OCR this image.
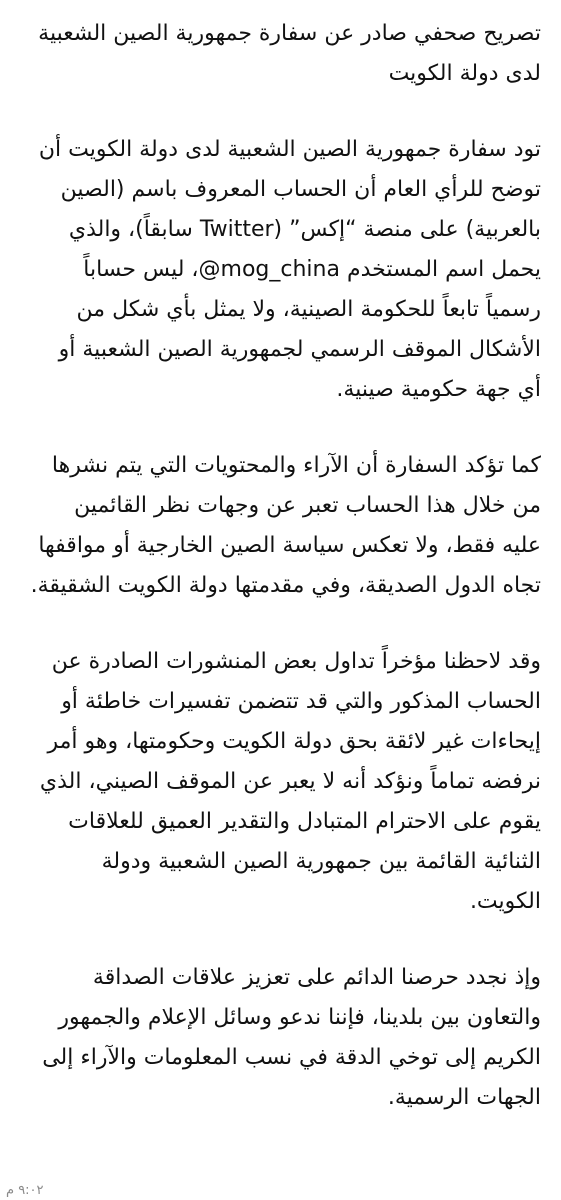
تصريح صحفي صادر عن سفارة جمهورية الصين الشعبية لدى دولة الكويت

تود سفارة جمهورية الصين الشعبية لدى دولة الكويت أن توضح للرأي العام أن الحساب المعروف باسم (الصين بالعربية) على منصة “إكس” (Twitter سابقاً)، والذي يحمل اسم المستخدم mog_china@، ليس حساباً رسمياً تابعاً للحكومة الصينية، ولا يمثل بأي شكل من الأشكال الموقف الرسمي لجمهورية الصين الشعبية أو أي جهة حكومية صينية.

كما تؤكد السفارة أن الآراء والمحتويات التي يتم نشرها من خلال هذا الحساب تعبر عن وجهات نظر القائمين عليه فقط، ولا تعكس سياسة الصين الخارجية أو مواقفها تجاه الدول الصديقة، وفي مقدمتها دولة الكويت الشقيقة.

وقد لاحظنا مؤخراً تداول بعض المنشورات الصادرة عن الحساب المذكور والتي قد تتضمن تفسيرات خاطئة أو إيحاءات غير لائقة بحق دولة الكويت وحكومتها، وهو أمر نرفضه تماماً ونؤكد أنه لا يعبر عن الموقف الصيني، الذي يقوم على الاحترام المتبادل والتقدير العميق للعلاقات الثنائية القائمة بين جمهورية الصين الشعبية ودولة الكويت.

وإذ نجدد حرصنا الدائم على تعزيز علاقات الصداقة والتعاون بين بلدينا، فإننا ندعو وسائل الإعلام والجمهور الكريم إلى توخي الدقة في نسب المعلومات والآراء إلى الجهات الرسمية.

٩:٠٢ م
